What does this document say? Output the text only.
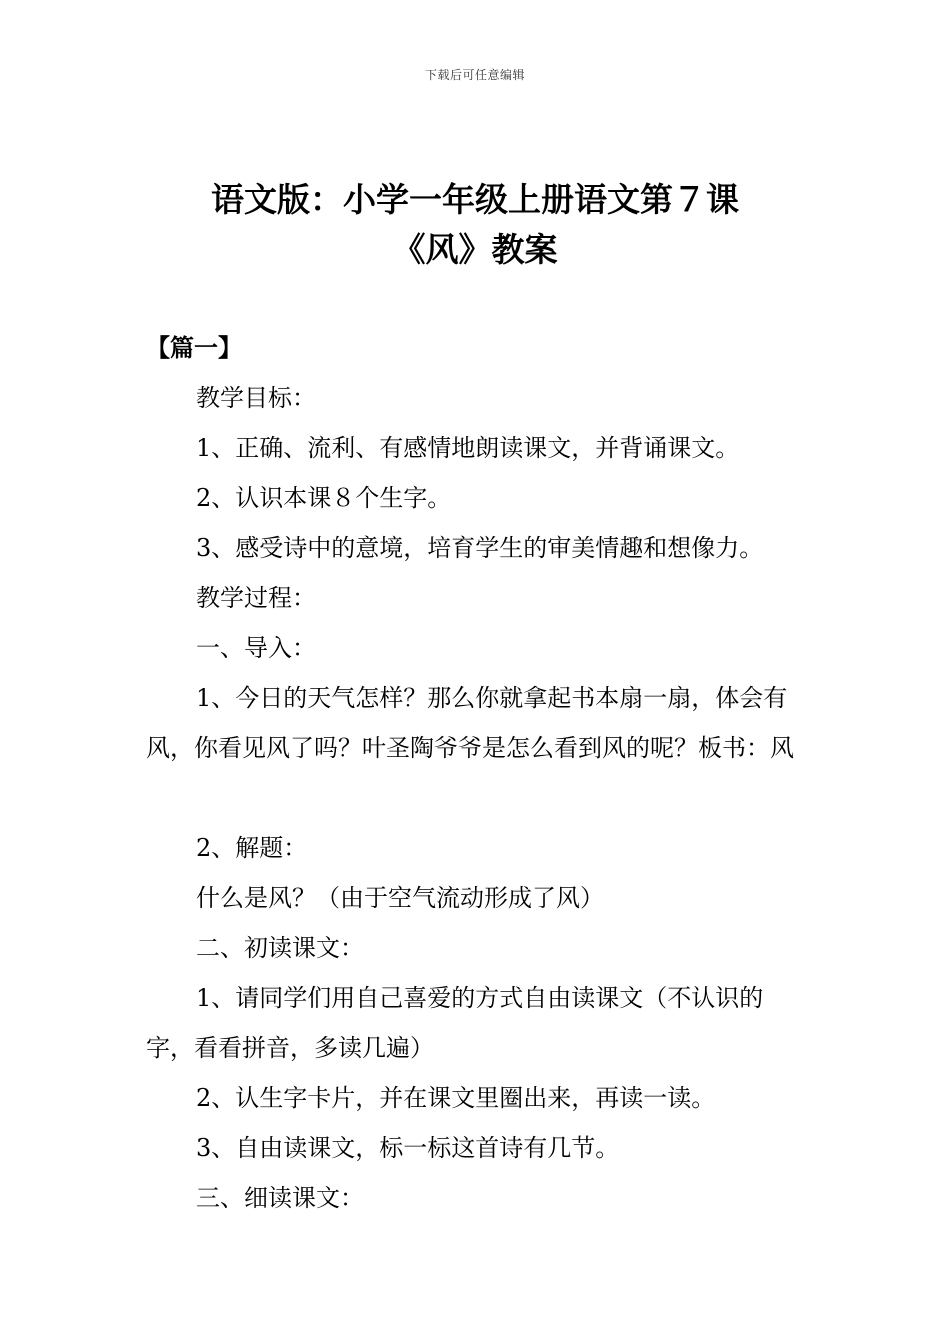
下载后可任意编辑
语文版：小学一年级上册语文第７课
《风》教案
【篇一】
教学目标：
1、正确、流利、有感情地朗读课文，并背诵课文。
2、认识本课８个生字。
3、感受诗中的意境，培育学生的审美情趣和想像力。
教学过程：
一、导入：
1、今日的天气怎样？那么你就拿起书本扇一扇，体会有风，你看见风了吗？叶圣陶爷爷是怎么看到风的呢？板书：风
2、解题：
什么是风？（由于空气流动形成了风）
二、初读课文：
1、请同学们用自己喜爱的方式自由读课文（不认识的字，看看拼音，多读几遍）
2、认生字卡片，并在课文里圈出来，再读一读。
3、自由读课文，标一标这首诗有几节。
三、细读课文：
